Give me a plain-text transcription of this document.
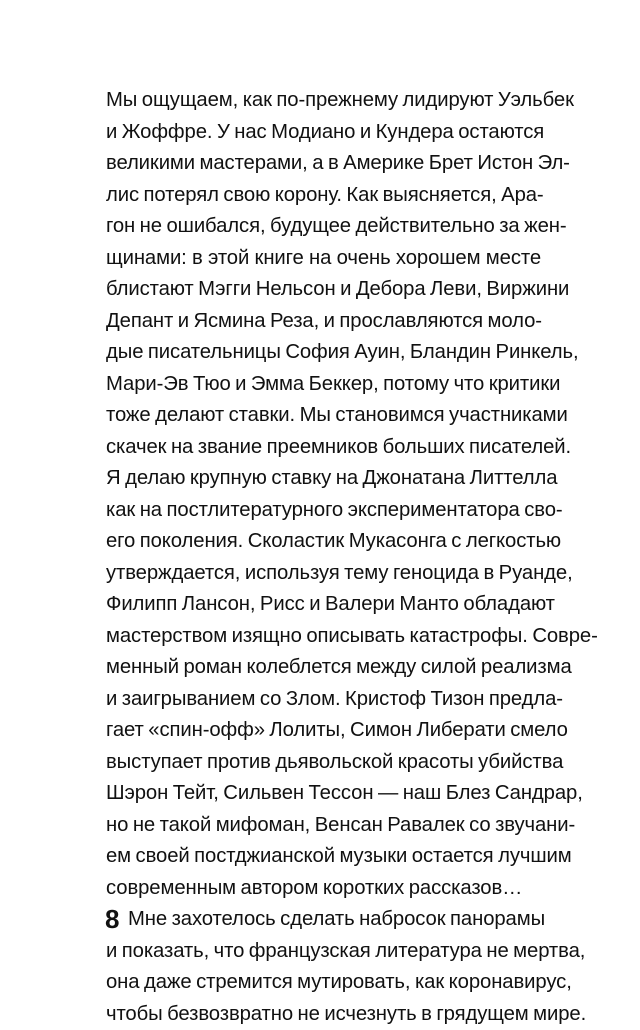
Мы ощущаем, как по-прежнему лидируют Уэльбек
и Жоффре. У нас Модиано и Кундера остаются
великими мастерами, а в Америке Брет Истон Эл-
лис потерял свою корону. Как выясняется, Ара-
гон не ошибался, будущее действительно за жен-
щинами: в этой книге на очень хорошем месте
блистают Мэгги Нельсон и Дебора Леви, Виржини
Депант и Ясмина Реза, и прославляются моло-
дые писательницы София Ауин, Бландин Ринкель,
Мари-Эв Тюо и Эмма Беккер, потому что критики
тоже делают ставки. Мы становимся участниками
скачек на звание преемников больших писателей.
Я делаю крупную ставку на Джонатана Литтелла
как на постлитературного экспериментатора сво-
его поколения. Сколастик Мукасонга с легкостью
утверждается, используя тему геноцида в Руанде,
Филипп Лансон, Рисс и Валери Манто обладают
мастерством изящно описывать катастрофы. Совре-
менный роман колеблется между силой реализма
и заигрыванием со Злом. Кристоф Тизон предла-
гает «спин-офф» Лолиты, Симон Либерати смело
выступает против дьявольской красоты убийства
Шэрон Тейт, Сильвен Тессон — наш Блез Сандрар,
но не такой мифоман, Венсан Равалек со звучани-
ем своей постджианской музыки остается лучшим
современным автором коротких рассказов…
Мне захотелось сделать набросок панорамы
и показать, что французская литература не мертва,
она даже стремится мутировать, как коронавирус,
чтобы безвозвратно не исчезнуть в грядущем мире.
8
